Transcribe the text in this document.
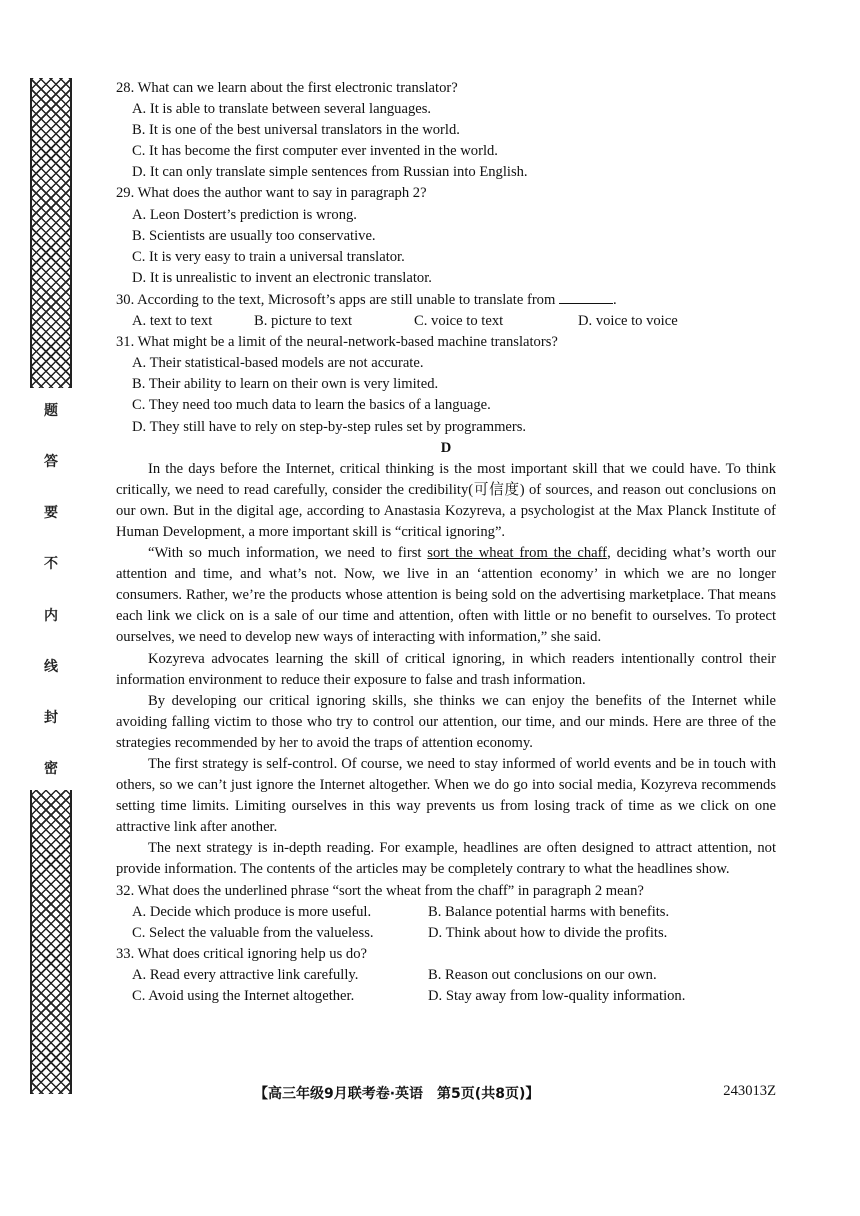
题
答
要
不
内
线
封
密

28. What can we learn about the first electronic translator?

A. It is able to translate between several languages.

B. It is one of the best universal translators in the world.

C. It has become the first computer ever invented in the world.

D. It can only translate simple sentences from Russian into English.

29. What does the author want to say in paragraph 2?

A. Leon Dostert’s prediction is wrong.

B. Scientists are usually too conservative.

C. It is very easy to train a universal translator.

D. It is unrealistic to invent an electronic translator.

30. According to the text, Microsoft’s apps are still unable to translate from	.

A. text to text	B. picture to text	C. voice to text	D. voice to voice

31. What might be a limit of the neural-network-based machine translators?

A. Their statistical-based models are not accurate.

B. Their ability to learn on their own is very limited.

C. They need too much data to learn the basics of a language.

D. They still have to rely on step-by-step rules set by programmers.

D

In the days before the Internet, critical thinking is the most important skill that we could have. To think critically, we need to read carefully, consider the credibility(可信度) of sources, and reason out conclusions on our own. But in the digital age, according to Anastasia Kozyreva, a psychologist at the Max Planck Institute of Human Development, a more important skill is “critical ignoring”.

“With so much information, we need to first sort the wheat from the chaff, deciding what’s worth our attention and time, and what’s not. Now, we live in an ‘attention economy’ in which we are no longer consumers. Rather, we’re the products whose attention is being sold on the advertising marketplace. That means each link we click on is a sale of our time and attention, often with little or no benefit to ourselves. To protect ourselves, we need to develop new ways of interacting with information,” she said.

Kozyreva advocates learning the skill of critical ignoring, in which readers intentionally control their information environment to reduce their exposure to false and trash information.

By developing our critical ignoring skills, she thinks we can enjoy the benefits of the Internet while avoiding falling victim to those who try to control our attention, our time, and our minds. Here are three of the strategies recommended by her to avoid the traps of attention economy.

The first strategy is self-control. Of course, we need to stay informed of world events and be in touch with others, so we can’t just ignore the Internet altogether. When we do go into social media, Kozyreva recommends setting time limits. Limiting ourselves in this way prevents us from losing track of time as we click on one attractive link after another.

The next strategy is in-depth reading. For example, headlines are often designed to attract attention, not provide information. The contents of the articles may be completely contrary to what the headlines show.

32. What does the underlined phrase “sort the wheat from the chaff” in paragraph 2 mean?

A. Decide which produce is more useful.	B. Balance potential harms with benefits.
C. Select the valuable from the valueless.	D. Think about how to divide the profits.

33. What does critical ignoring help us do?

A. Read every attractive link carefully.	B. Reason out conclusions on our own.
C. Avoid using the Internet altogether.	D. Stay away from low-quality information.
【高三年级9月联考卷·英语　第5页(共8页)】	243013Z
